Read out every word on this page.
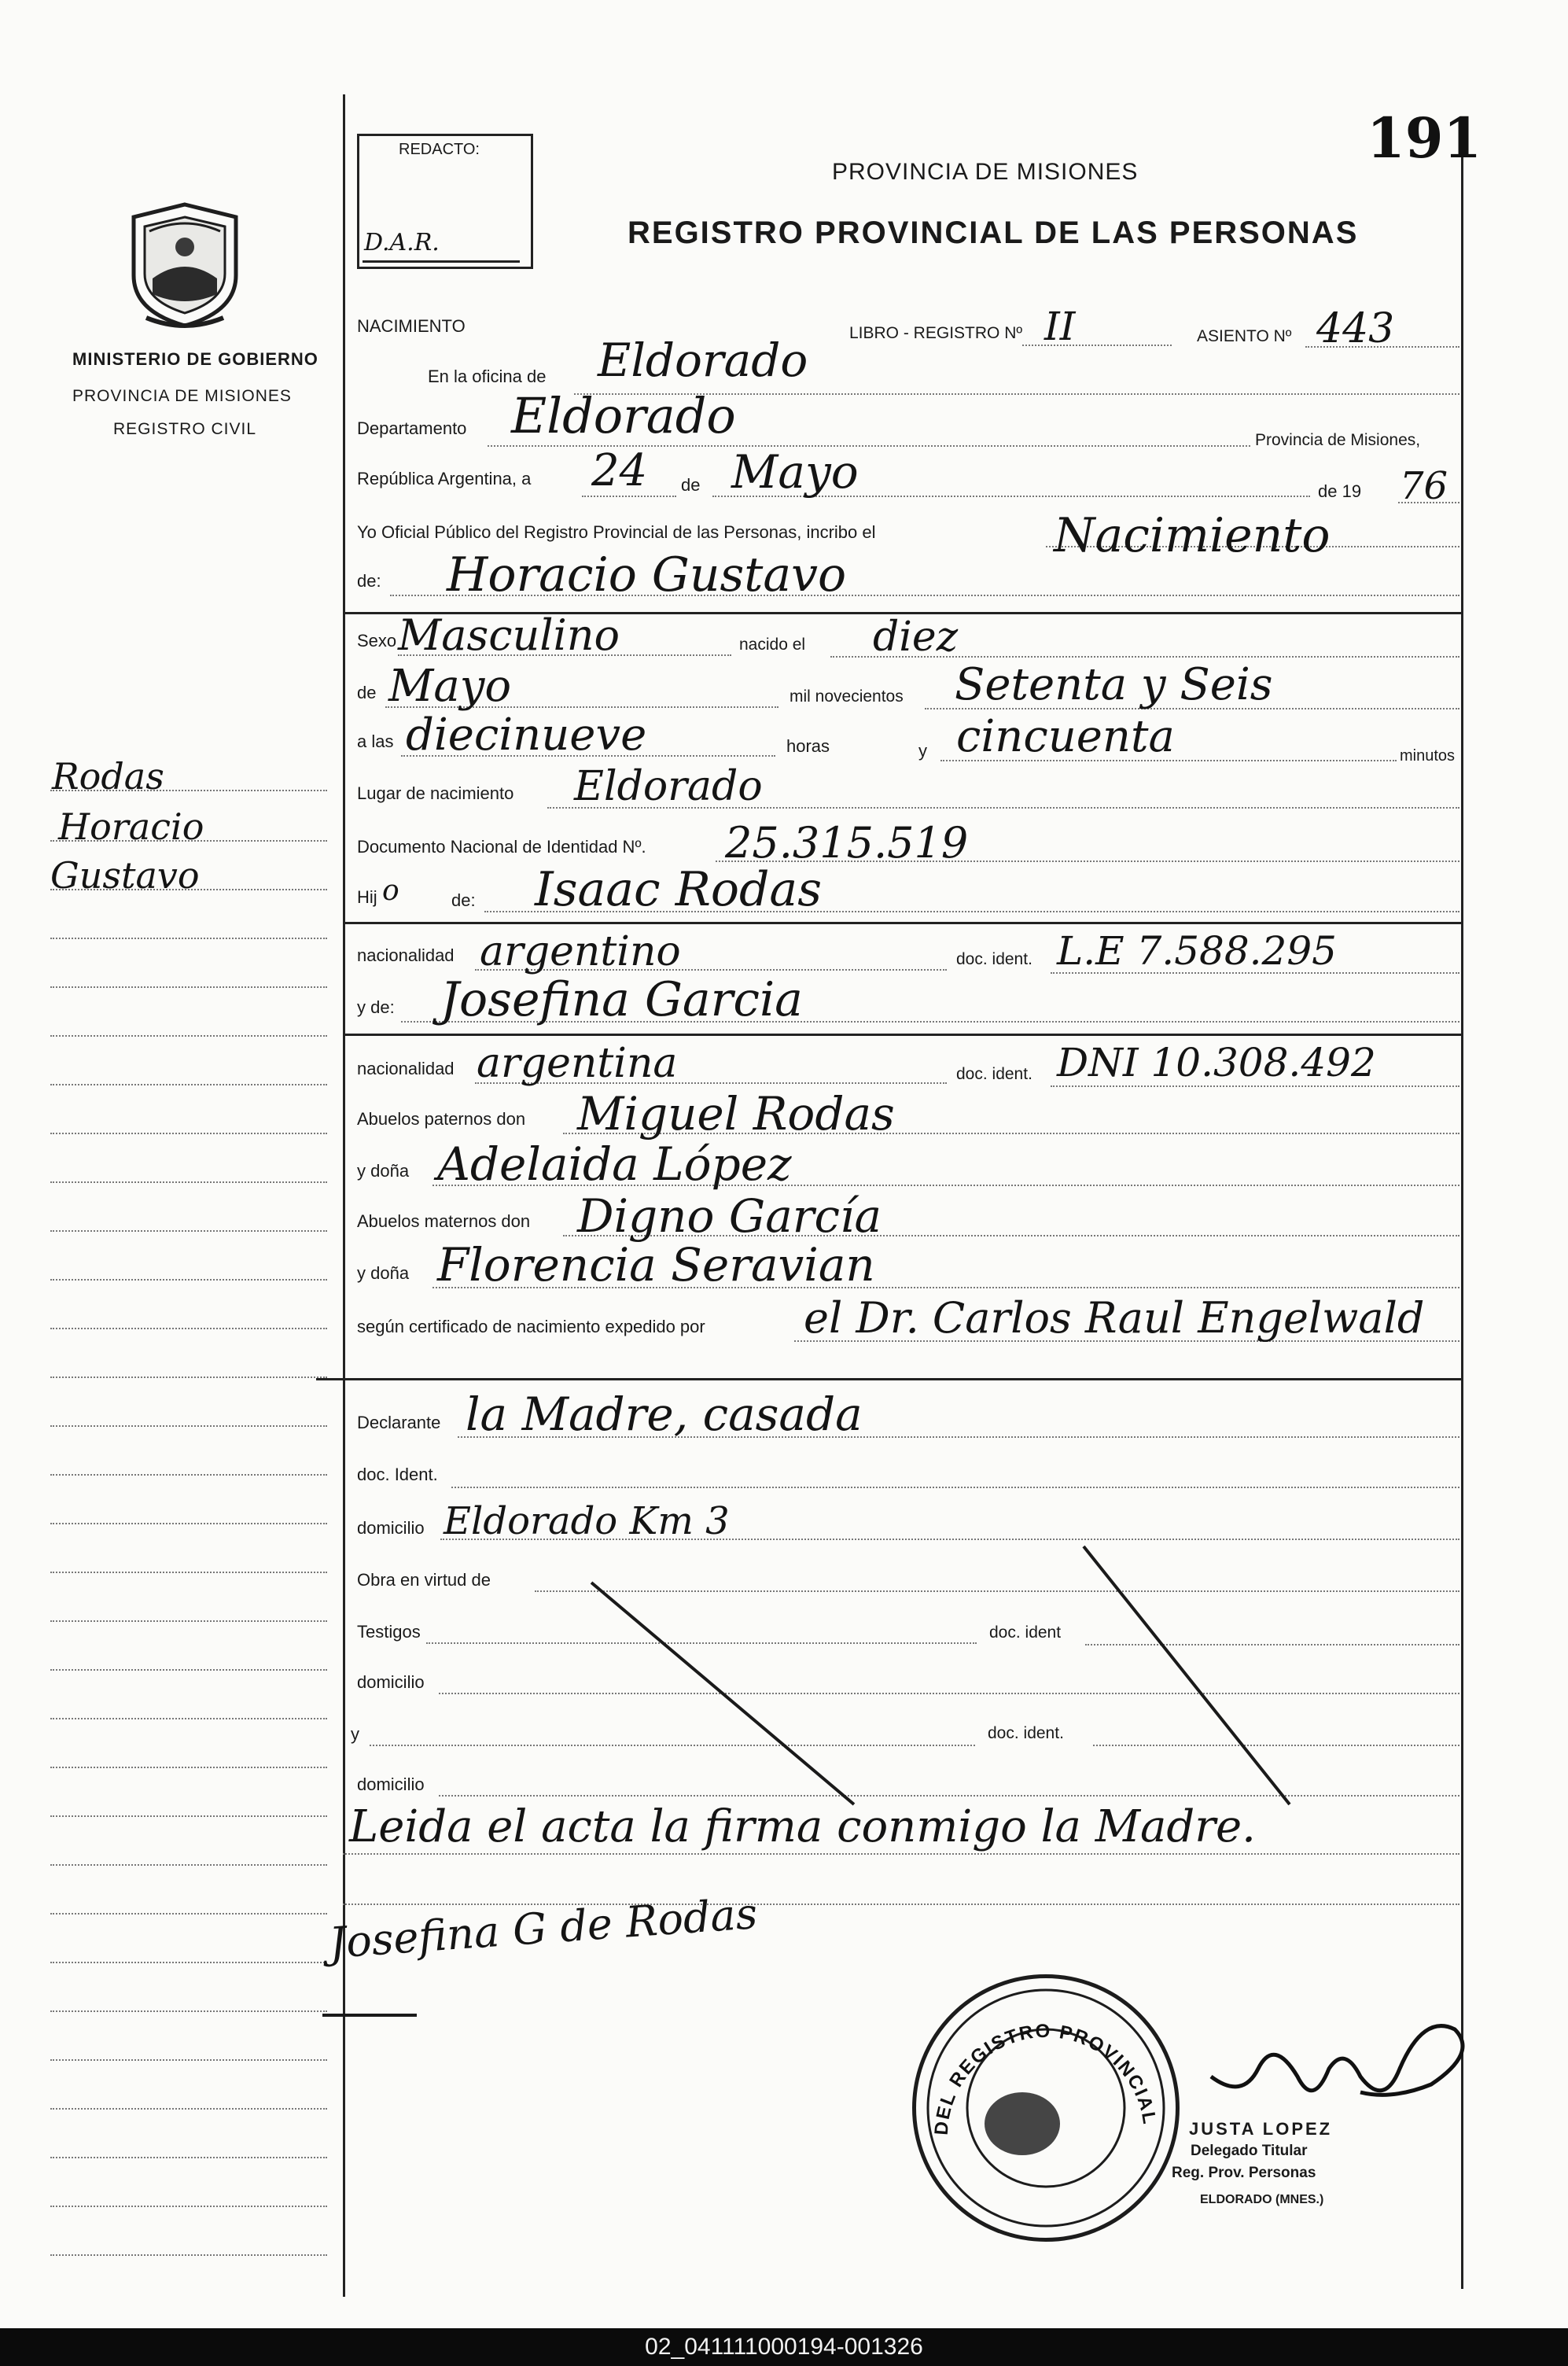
191
REDACTO:
D.A.R.
PROVINCIA DE MISIONES
REGISTRO PROVINCIAL DE LAS PERSONAS
MINISTERIO DE GOBIERNO
PROVINCIA DE MISIONES
REGISTRO CIVIL
Rodas
Horacio
Gustavo
NACIMIENTO	LIBRO - REGISTRO Nº II	ASIENTO Nº 443
En la oficina de Eldorado
Departamento Eldorado	Provincia de Misiones,
República Argentina, a 24 de Mayo	de 19 76
Yo Oficial Público del Registro Provincial de las Personas, incribo el	Nacimiento
de: Horacio Gustavo
Sexo Masculino	nacido el diez
de Mayo	mil novecientos Setenta y Seis
a las diecinueve	horas	y cincuenta	minutos
Lugar de nacimiento Eldorado
Documento Nacional de Identidad Nº. 25.315.519
Hij o	de: Isaac Rodas
nacionalidad argentino	doc. ident. L.E 7.588.295
y de: Josefina Garcia
nacionalidad argentina	doc. ident. DNI 10.308.492
Abuelos paternos don Miguel Rodas
y doña Adelaida López
Abuelos maternos don Digno García
y doña Florencia Seravian
según certificado de nacimiento expedido por el Dr. Carlos Raul Engelwald
Declarante la Madre, casada
doc. Ident.
domicilio Eldorado Km 3
Obra en virtud de
Testigos	doc. ident
domicilio
y	doc. ident.
domicilio
Leida el acta la firma conmigo la Madre.
Josefina G de Rodas
DEL REGISTRO PROVINCIAL
JUSTA LOPEZ
Delegado Titular
Reg. Prov. Personas
ELDORADO (MNES.)
02_041111000194-001326
